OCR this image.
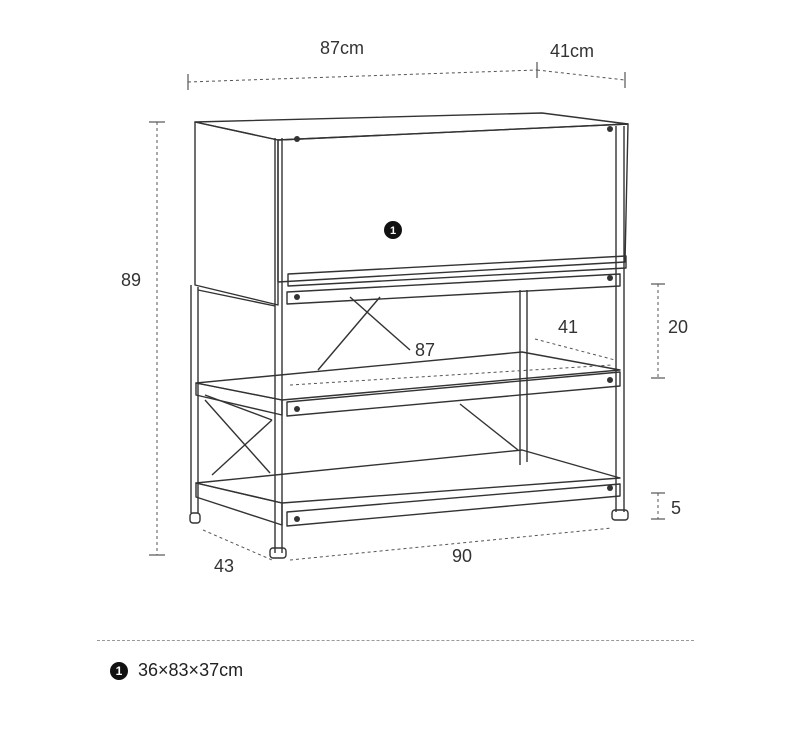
87cm	41cm
89
87
41	20
5
43	90
1
1 36×83×37cm
